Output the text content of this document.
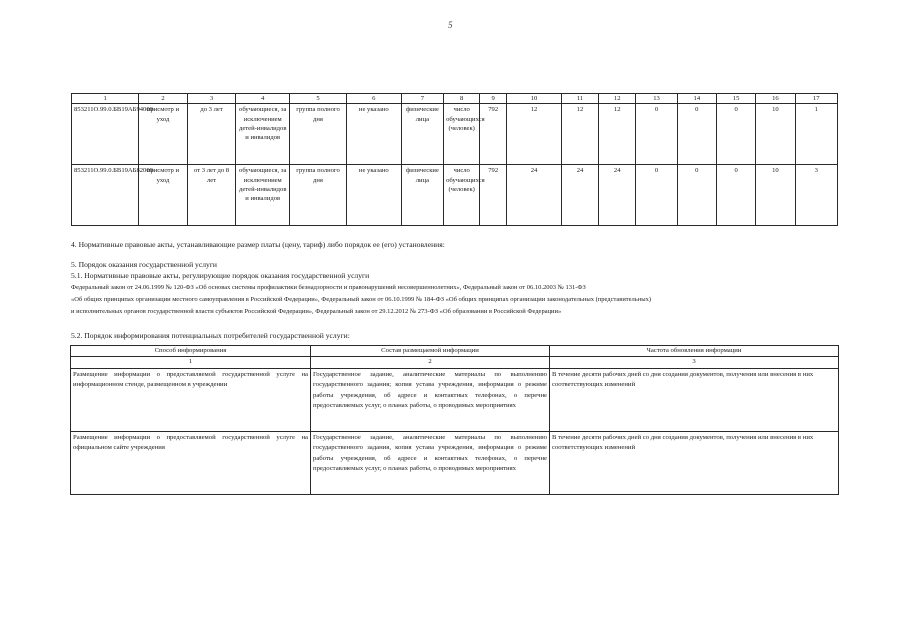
5
1	2	3	4	5	6	7	8	9	10	11	12	13	14	15	16	17
853211O.99.0.БВ19АБ94000	присмотр и уход	до 3 лет	обучающиеся, за исключением детей-инвалидов и инвалидов	группа полного дня	не указано	физические лица	число обучающихся (человек)	792	12	12	12	0	0	0	10	1
853211О.99.0.БВ19АБ82000	присмотр и уход	от 3 лет до 8 лет	обучающиеся, за исключением детей-инвалидов и инвалидов	группа полного дня	не указано	физические лица	число обучающихся (человек)	792	24	24	24	0	0	0	10	3
4. Нормативные правовые акты, устанавливающие размер платы (цену, тариф) либо порядок ее (его) установления:
5. Порядок оказания государственной услуги
5.1. Нормативные правовые акты, регулирующие порядок оказания государственной услуги
Федеральный закон от 24.06.1999 № 120-ФЗ «Об основах системы профилактики безнадзорности и правонарушений несовершеннолетних», Федеральный закон от 06.10.2003 № 131-ФЗ
«Об общих принципах организации местного самоуправления в Российской Федерации», Федеральный закон от 06.10.1999 № 184-ФЗ «Об общих принципах организации законодательных (представительных)
и исполнительных органов государственной власти субъектов Российской Федерации», Федеральный закон от 29.12.2012 № 273-ФЗ «Об образовании в Российской Федерации»
5.2. Порядок информирования потенциальных потребителей государственной услуги:
Способ информирования	Состав размещаемой информации	Частота обновления информации
1	2	3
Размещение информации о предоставляемой государственной услуге на информационном стенде, размещенном в учреждении	Государственное задание, аналитические материалы по выполнению государственного задания; копия устава учреждения, информация о режиме работы учреждения, об адресе и контактных телефонах, о перечне предоставляемых услуг, о планах работы, о проводимых мероприятиях	В течение десяти рабочих дней со дня создания документов, получения или внесения в них соответствующих изменений
Размещение информации о предоставляемой государственной услуге на официальном сайте учреждения	Государственное задание, аналитические материалы по выполнению государственного задания, копия устава учреждения, информация о режиме работы учреждения, об адресе и контактных телефонах, о перечне предоставляемых услуг, о планах работы, о проводимых мероприятиях	В течение десяти рабочих дней со дня создания документов, получения или внесения в них соответствующих изменений
